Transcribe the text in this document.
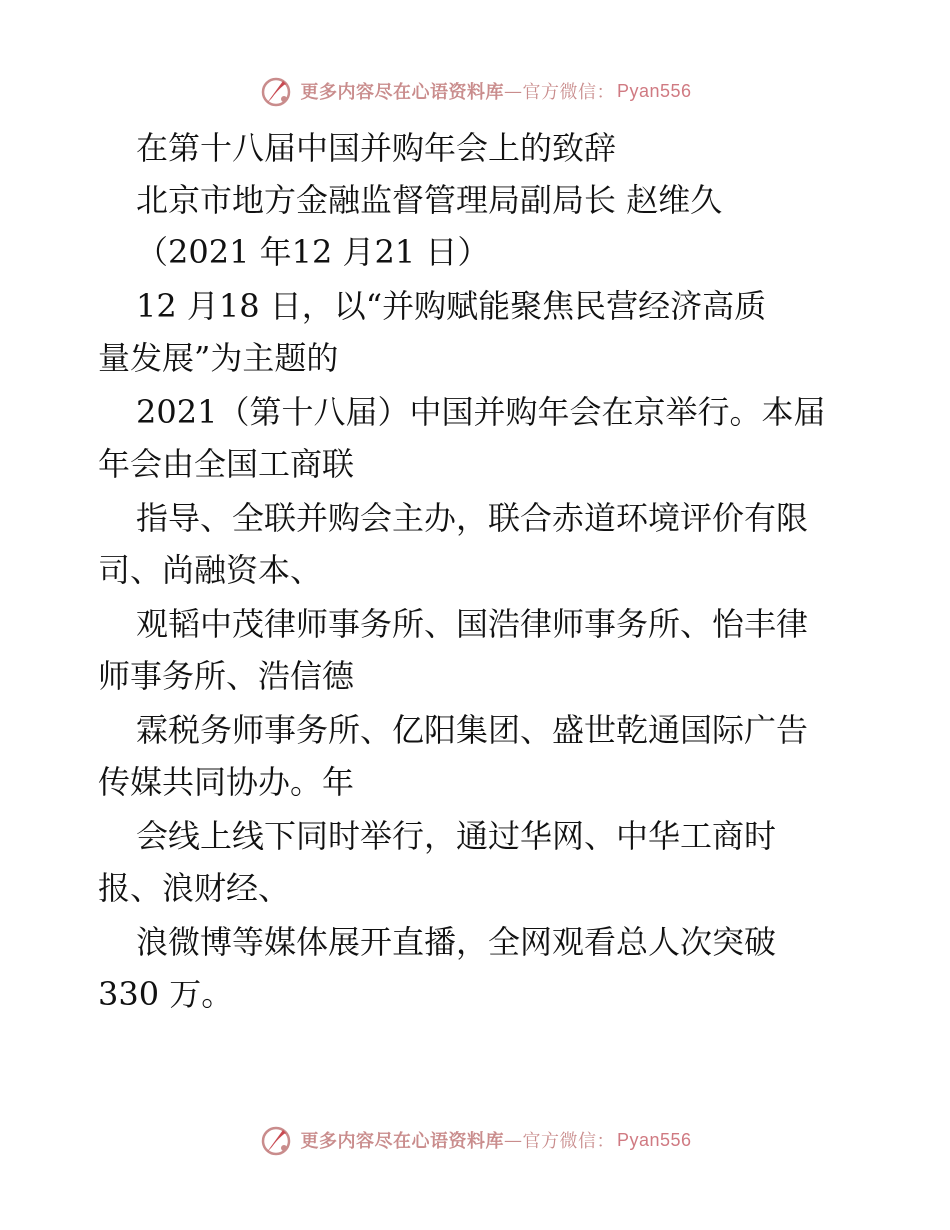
更多内容尽在心语资料库 — 官方微信： Pyan556
在第十八届中国并购年会上的致辞
北京市地方金融监督管理局副局长 赵维久
（2021 年12 月21 日）
12 月18 日，以“并购赋能聚焦民营经济高质
量发展”为主题的
2021（第十八届）中国并购年会在京举行。本届
年会由全国工商联
指导、全联并购会主办，联合赤道环境评价有限
司、尚融资本、
观韬中茂律师事务所、国浩律师事务所、怡丰律
师事务所、浩信德
霖税务师事务所、亿阳集团、盛世乾通国际广告
传媒共同协办。年
会线上线下同时举行，通过华网、中华工商时
报、浪财经、
浪微博等媒体展开直播，全网观看总人次突破
330 万。
更多内容尽在心语资料库 — 官方微信： Pyan556
